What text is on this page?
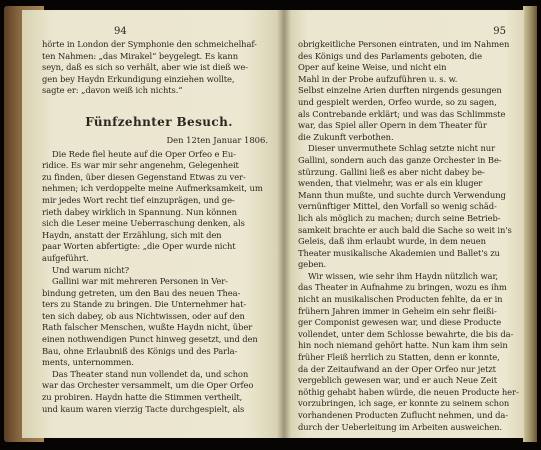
94
hörte in London der Symphonie den schmeichelhaf-
ten Nahmen: „das Mirakel“ beygelegt. Es kann
seyn, daß es sich so verhält, aber wie ist dieß we-
gen bey Haydn Erkundigung einziehen wollte,
sagte er: „davon weiß ich nichts.“
Fünfzehnter Besuch.
Den 12ten Januar 1806.
Die Rede fiel heute auf die Oper Orfeo e Eu-
ridice. Es war mir sehr angenehm, Gelegenheit
zu finden, über diesen Gegenstand Etwas zu ver-
nehmen; ich verdoppelte meine Aufmerksamkeit, um
mir jedes Wort recht tief einzuprägen, und ge-
rieth dabey wirklich in Spannung. Nun können
sich die Leser meine Ueberraschung denken, als
Haydn, anstatt der Erzählung, sich mit den
paar Worten abfertigte: „die Oper wurde nicht
aufgeführt.
Und warum nicht?
Gallini war mit mehreren Personen in Ver-
bindung getreten, um den Bau des neuen Thea-
ters zu Stande zu bringen. Die Unternehmer hat-
ten sich dabey, ob aus Nichtwissen, oder auf den
Rath falscher Menschen, wußte Haydn nicht, über
einen nothwendigen Punct hinweg gesetzt, und den
Bau, ohne Erlaubniß des Königs und des Parla-
ments, unternommen.
Das Theater stand nun vollendet da, und schon
war das Orchester versammelt, um die Oper Orfeo
zu probiren. Haydn hatte die Stimmen vertheilt,
und kaum waren vierzig Tacte durchgespielt, als
95
obrigkeitliche Personen eintraten, und im Nahmen
des Königs und des Parlaments geboten, die
Oper auf keine Weise, und nicht ein
Mahl in der Probe aufzuführen u. s. w.
Selbst einzelne Arien durften nirgends gesungen
und gespielt werden, Orfeo wurde, so zu sagen,
als Contrebande erklärt; und was das Schlimmste
war, das Spiel aller Opern in dem Theater für
die Zukunft verbothen.
Dieser unvermuthete Schlag setzte nicht nur
Gallini, sondern auch das ganze Orchester in Be-
stürzung. Gallini ließ es aber nicht dabey be-
wenden, that vielmehr, was er als ein kluger
Mann thun mußte, und suchte durch Verwendung
vernünftiger Mittel, den Vorfall so wenig schäd-
lich als möglich zu machen; durch seine Betrieb-
samkeit brachte er auch bald die Sache so weit in's
Geleis, daß ihm erlaubt wurde, in dem neuen
Theater musikalische Akademien und Ballet's zu
geben.
Wir wissen, wie sehr ihm Haydn nützlich war,
das Theater in Aufnahme zu bringen, wozu es ihm
nicht an musikalischen Producten fehlte, da er in
frühern Jahren immer in Geheim ein sehr fleißi-
ger Componist gewesen war, und diese Producte
vollendet, unter dem Schlosse bewahrte, die bis da-
hin noch niemand gehört hatte. Nun kam ihm sein
früher Fleiß herrlich zu Statten, denn er konnte,
da der Zeitaufwand an der Oper Orfeo nur jetzt
vergeblich gewesen war, und er auch Neue Zeit
nöthig gehabt haben würde, die neuen Producte her-
vorzubringen, ich sage, er konnte zu seinem schon
vorhandenen Producten Zuflucht nehmen, und da-
durch der Ueberleitung im Arbeiten ausweichen.
